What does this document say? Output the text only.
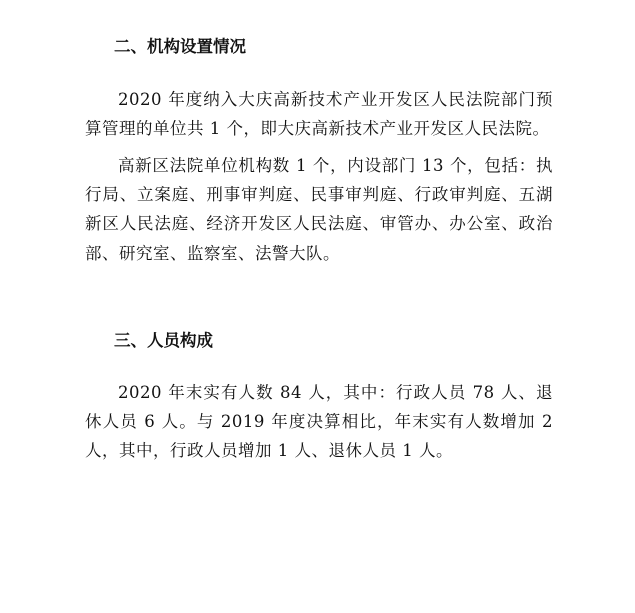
二、机构设置情况
2020 年度纳入大庆高新技术产业开发区人民法院部门预算管理的单位共 1 个，即大庆高新技术产业开发区人民法院。
高新区法院单位机构数 1 个，内设部门 13 个，包括：执行局、立案庭、刑事审判庭、民事审判庭、行政审判庭、五湖新区人民法庭、经济开发区人民法庭、审管办、办公室、政治部、研究室、监察室、法警大队。
三、人员构成
2020 年末实有人数 84 人，其中：行政人员 78 人、退休人员 6 人。与 2019 年度决算相比，年末实有人数增加 2 人，其中，行政人员增加 1 人、退休人员 1 人。
